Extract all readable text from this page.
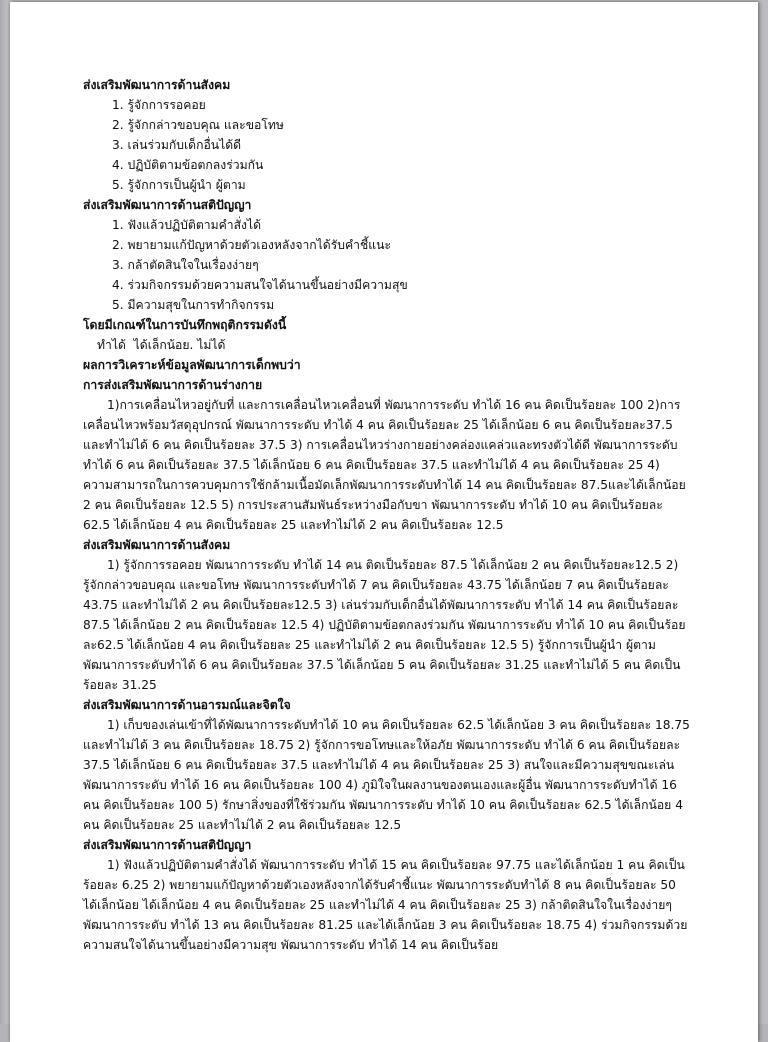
ส่งเสริมพัฒนาการด้านสังคม
1. รู้จักการรอคอย
2. รู้จักกล่าวขอบคุณ และขอโทษ
3. เล่นร่วมกับเด็กอื่นได้ดี
4. ปฏิบัติตามข้อตกลงร่วมกัน
5. รู้จักการเป็นผู้นำ ผู้ตาม
ส่งเสริมพัฒนาการด้านสติปัญญา
1. ฟังแล้วปฏิบัติตามคำสั่งได้
2. พยายามแก้ปัญหาด้วยตัวเองหลังจากได้รับคำชี้แนะ
3. กล้าตัดสินใจในเรื่องง่ายๆ
4. ร่วมกิจกรรมด้วยความสนใจได้นานขึ้นอย่างมีความสุข
5. มีความสุขในการทำกิจกรรม
โดยมีเกณฑ์ในการบันทึกพฤติกรรมดังนี้
ทำได้  ได้เล็กน้อย. ไม่ได้
ผลการวิเคราะห์ข้อมูลพัฒนาการเด็กพบว่า
การส่งเสริมพัฒนาการด้านร่างกาย
1)การเคลื่อนไหวอยู่กับที่ และการเคลื่อนไหวเคลื่อนที่ พัฒนาการระดับ ทำได้ 16 คน คิดเป็นร้อยละ 100 2)การเคลื่อนไหวพร้อมวัสดุอุปกรณ์ พัฒนาการระดับ ทำได้ 4 คน คิดเป็นร้อยละ 25 ได้เล็กน้อย 6 คน คิดเป็นร้อยละ37.5 และทำไม่ได้ 6 คน คิดเป็นร้อยละ 37.5 3) การเคลื่อนไหวร่างกายอย่างคล่องแคล่วและทรงตัวได้ดี พัฒนาการระดับ ทำได้ 6 คน คิดเป็นร้อยละ 37.5 ได้เล็กน้อย 6 คน คิดเป็นร้อยละ 37.5 และทำไม่ได้ 4 คน คิดเป็นร้อยละ 25 4) ความสามารถในการควบคุมการใช้กล้ามเนื้อมัดเล็กพัฒนาการระดับทำได้ 14 คน คิดเป็นร้อยละ 87.5และได้เล็กน้อย 2 คน คิดเป็นร้อยละ 12.5 5) การประสานสัมพันธ์ระหว่างมือกับขา พัฒนาการระดับ ทำได้ 10 คน คิดเป็นร้อยละ 62.5 ได้เล็กน้อย 4 คน คิดเป็นร้อยละ 25 และทำไม่ได้ 2 คน คิดเป็นร้อยละ 12.5
ส่งเสริมพัฒนาการด้านสังคม
1) รู้จักการรอคอย พัฒนาการระดับ ทำได้ 14 คน ติดเป็นร้อยละ 87.5 ได้เล็กน้อย 2 คน คิดเป็นร้อยละ12.5 2) รู้จักกล่าวขอบคุณ และขอโทษ พัฒนาการระดับทำได้ 7 คน คิดเป็นร้อยละ 43.75 ได้เล็กน้อย 7 คน คิดเป็นร้อยละ 43.75 และทำไม่ได้ 2 คน คิดเป็นร้อยละ12.5 3) เล่นร่วมกับเด็กอื่นได้พัฒนาการระดับ ทำได้ 14 คน คิดเป็นร้อยละ 87.5 ได้เล็กน้อย 2 คน คิดเป็นร้อยละ 12.5 4) ปฏิบัติตามข้อตกลงร่วมกัน พัฒนาการระดับ ทำได้ 10 คน คิดเป็นร้อยละ62.5 ได้เล็กน้อย 4 คน คิดเป็นร้อยละ 25 และทำไม่ได้ 2 คน คิดเป็นร้อยละ 12.5 5) รู้จักการเป็นผู้นำ ผู้ตาม พัฒนาการระดับทำได้ 6 คน คิดเป็นร้อยละ 37.5 ได้เล็กน้อย 5 คน คิดเป็นร้อยละ 31.25 และทำไม่ได้ 5 คน คิดเป็นร้อยละ 31.25
ส่งเสริมพัฒนาการด้านอารมณ์และจิตใจ
1) เก็บของเล่นเข้าที่ได้พัฒนาการระดับทำได้ 10 คน คิดเป็นร้อยละ 62.5 ได้เล็กน้อย 3 คน คิดเป็นร้อยละ 18.75 และทำไม่ได้ 3 คน คิดเป็นร้อยละ 18.75 2) รู้จักการขอโทษและให้อภัย พัฒนาการระดับ ทำได้ 6 คน คิดเป็นร้อยละ 37.5 ได้เล็กน้อย 6 คน คิดเป็นร้อยละ 37.5 และทำไม่ได้ 4 คน คิดเป็นร้อยละ 25 3) สนใจและมีความสุขขณะเล่น พัฒนาการระดับ ทำได้ 16 คน คิดเป็นร้อยละ 100 4) ภูมิใจในผลงานของตนเองและผู้อื่น พัฒนาการระดับทำได้ 16 คน คิดเป็นร้อยละ 100 5) รักษาสิ่งของที่ใช้ร่วมกัน พัฒนาการระดับ ทำได้ 10 คน คิดเป็นร้อยละ 62.5 ได้เล็กน้อย 4 คน คิดเป็นร้อยละ 25 และทำไม่ได้ 2 คน คิดเป็นร้อยละ 12.5
ส่งเสริมพัฒนาการด้านสติปัญญา
1) ฟังแล้วปฏิบัติตามคำสั่งได้ พัฒนาการระดับ ทำได้ 15 คน คิดเป็นร้อยละ 97.75 และได้เล็กน้อย 1 คน คิดเป็นร้อยละ 6.25 2) พยายามแก้ปัญหาด้วยตัวเองหลังจากได้รับคำชี้แนะ พัฒนาการระดับทำได้ 8 คน คิดเป็นร้อยละ 50 ได้เล็กน้อย ได้เล็กน้อย 4 คน คิดเป็นร้อยละ 25 และทำไม่ได้ 4 คน คิดเป็นร้อยละ 25 3) กล้าติดสินใจในเรื่องง่ายๆ พัฒนาการระดับ ทำได้ 13 คน คิดเป็นร้อยละ 81.25 และได้เล็กน้อย 3 คน คิดเป็นร้อยละ 18.75 4) ร่วมกิจกรรมด้วยความสนใจได้นานขึ้นอย่างมีความสุข พัฒนาการระดับ ทำได้ 14 คน คิดเป็นร้อย
